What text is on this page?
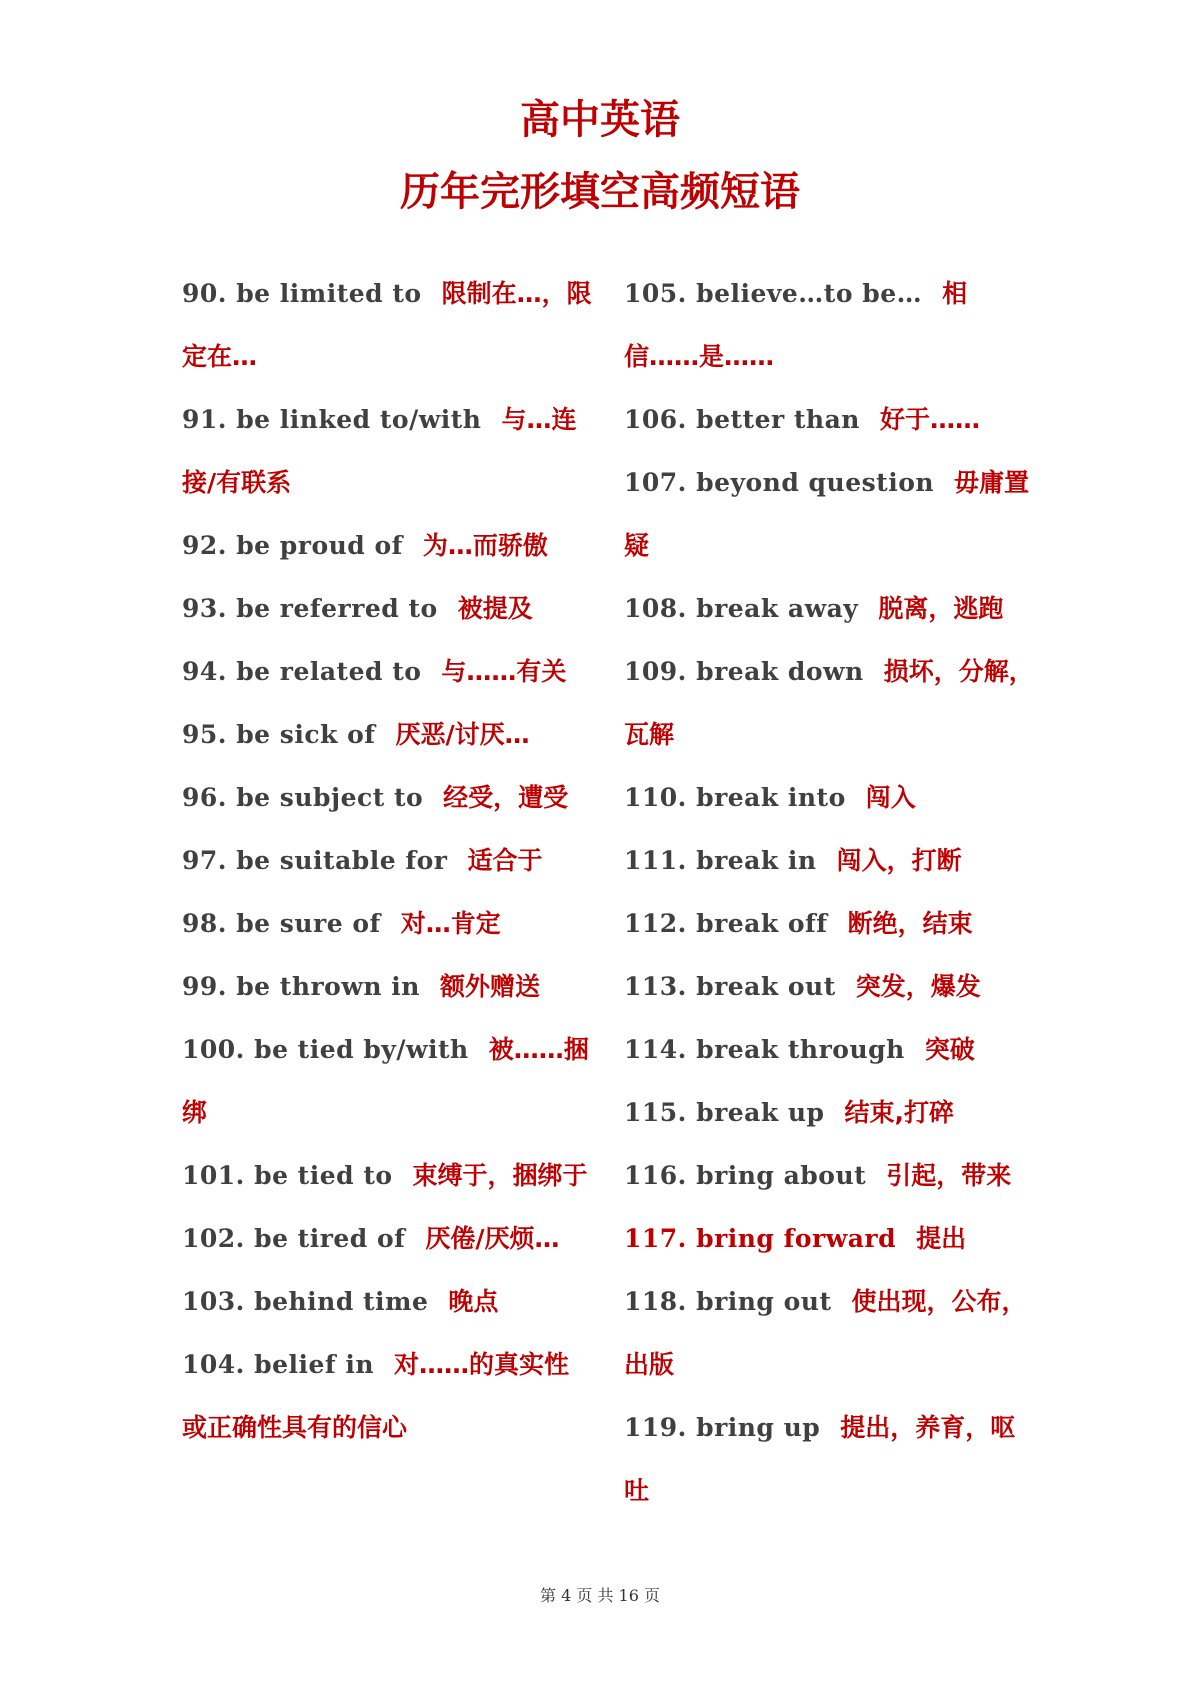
高中英语
历年完形填空高频短语

90. be limited to 限制在…，限定在…

91. be linked to/with 与…连接/有联系

92. be proud of 为…而骄傲

93. be referred to 被提及

94. be related to 与……有关

95. be sick of 厌恶/讨厌…

96. be subject to 经受，遭受

97. be suitable for 适合于

98. be sure of 对…肯定

99. be thrown in 额外赠送

100. be tied by/with 被……捆绑

101. be tied to 束缚于，捆绑于

102. be tired of 厌倦/厌烦…

103. behind time 晚点

104. belief in 对……的真实性或正确性具有的信心

105. believe…to be… 相信……是……

106. better than 好于……

107. beyond question 毋庸置疑

108. break away 脱离，逃跑

109. break down 损坏，分解，瓦解

110. break into 闯入

111. break in 闯入，打断

112. break off 断绝，结束

113. break out 突发，爆发

114. break through 突破

115. break up 结束,打碎

116. bring about 引起，带来

117. bring forward 提出

118. bring out 使出现，公布，出版

119. bring up 提出，养育，呕吐

第 4 页 共 16 页
